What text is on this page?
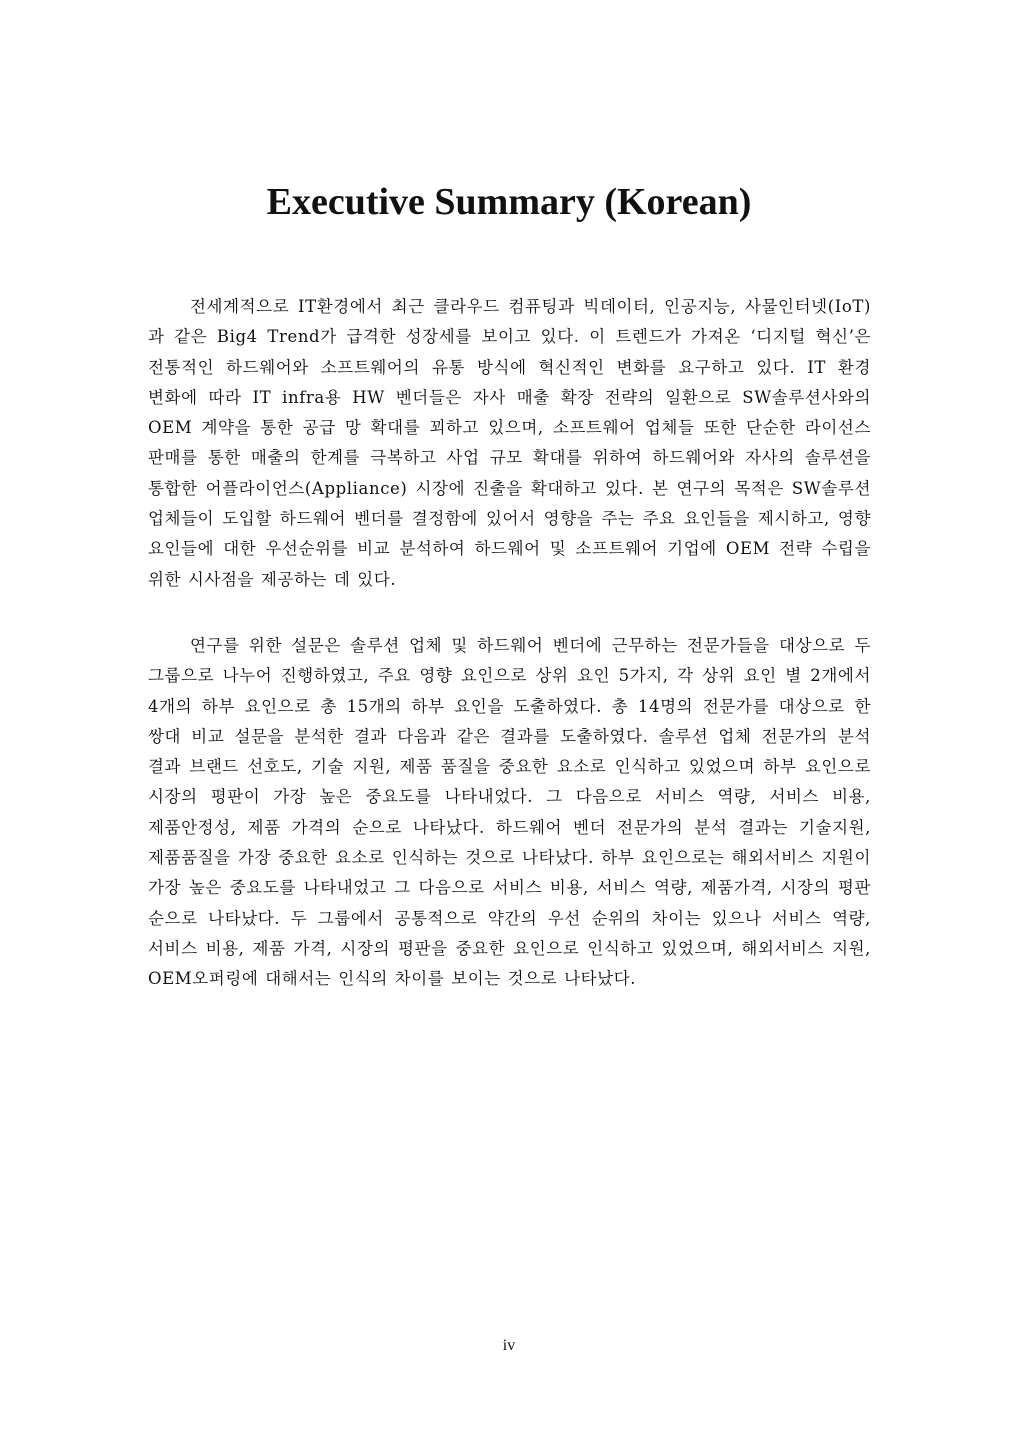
Executive Summary (Korean)

전세계적으로 IT환경에서 최근 클라우드 컴퓨팅과 빅데이터, 인공지능, 사물인터넷(IoT)과 같은 Big4 Trend가 급격한 성장세를 보이고 있다. 이 트렌드가 가져온 ‘디지털 혁신’은 전통적인 하드웨어와 소프트웨어의 유통 방식에 혁신적인 변화를 요구하고 있다. IT 환경 변화에 따라 IT infra용 HW 벤더들은 자사 매출 확장 전략의 일환으로 SW솔루션사와의 OEM 계약을 통한 공급 망 확대를 꾀하고 있으며, 소프트웨어 업체들 또한 단순한 라이선스 판매를 통한 매출의 한계를 극복하고 사업 규모 확대를 위하여 하드웨어와 자사의 솔루션을 통합한 어플라이언스(Appliance) 시장에 진출을 확대하고 있다. 본 연구의 목적은 SW솔루션 업체들이 도입할 하드웨어 벤더를 결정함에 있어서 영향을 주는 주요 요인들을 제시하고, 영향 요인들에 대한 우선순위를 비교 분석하여 하드웨어 및 소프트웨어 기업에 OEM 전략 수립을 위한 시사점을 제공하는 데 있다.

연구를 위한 설문은 솔루션 업체 및 하드웨어 벤더에 근무하는 전문가들을 대상으로 두 그룹으로 나누어 진행하였고, 주요 영향 요인으로 상위 요인 5가지, 각 상위 요인 별 2개에서 4개의 하부 요인으로 총 15개의 하부 요인을 도출하였다. 총 14명의 전문가를 대상으로 한 쌍대 비교 설문을 분석한 결과 다음과 같은 결과를 도출하였다. 솔루션 업체 전문가의 분석 결과 브랜드 선호도, 기술 지원, 제품 품질을 중요한 요소로 인식하고 있었으며 하부 요인으로 시장의 평판이 가장 높은 중요도를 나타내었다. 그 다음으로 서비스 역량, 서비스 비용, 제품안정성, 제품 가격의 순으로 나타났다. 하드웨어 벤더 전문가의 분석 결과는 기술지원, 제품품질을 가장 중요한 요소로 인식하는 것으로 나타났다. 하부 요인으로는 해외서비스 지원이 가장 높은 중요도를 나타내었고 그 다음으로 서비스 비용, 서비스 역량, 제품가격, 시장의 평판 순으로 나타났다. 두 그룹에서 공통적으로 약간의 우선 순위의 차이는 있으나 서비스 역량, 서비스 비용, 제품 가격, 시장의 평판을 중요한 요인으로 인식하고 있었으며, 해외서비스 지원, OEM오퍼링에 대해서는 인식의 차이를 보이는 것으로 나타났다.

iv
